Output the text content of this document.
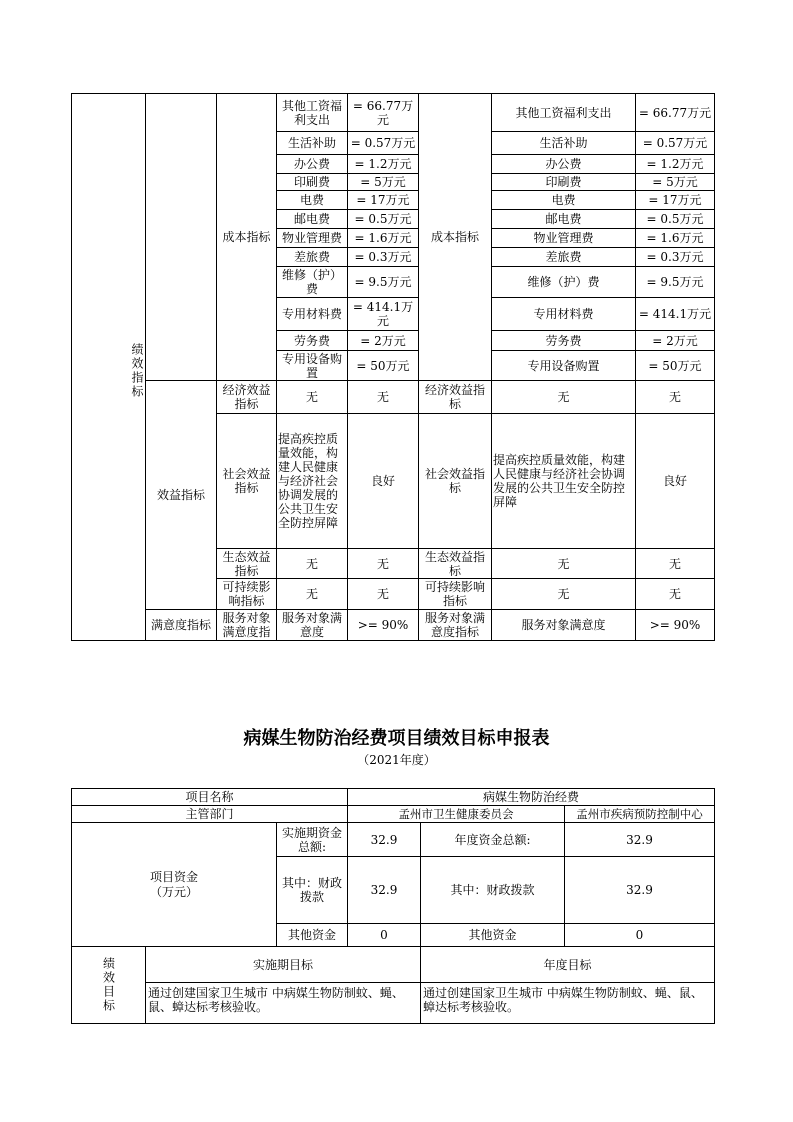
绩效指标		成本指标	其他工资福利支出	= 66.77万元	成本指标	其他工资福利支出	= 66.77万元
			生活补助	= 0.57万元		生活补助	= 0.57万元
			办公费	= 1.2万元		办公费	= 1.2万元
			印刷费	= 5万元		印刷费	= 5万元
			电费	= 17万元		电费	= 17万元
			邮电费	= 0.5万元		邮电费	= 0.5万元
			物业管理费	= 1.6万元		物业管理费	= 1.6万元
			差旅费	= 0.3万元		差旅费	= 0.3万元
			维修（护）费	= 9.5万元		维修（护）费	= 9.5万元
			专用材料费	= 414.1万元		专用材料费	= 414.1万元
			劳务费	= 2万元		劳务费	= 2万元
			专用设备购置	= 50万元		专用设备购置	= 50万元
	效益指标	经济效益指标	无	无	经济效益指标	无	无
		社会效益指标	提高疾控质量效能，构建人民健康与经济社会协调发展的公共卫生安全防控屏障	良好	社会效益指标	提高疾控质量效能，构建人民健康与经济社会协调发展的公共卫生安全防控屏障	良好
		生态效益指标	无	无	生态效益指标	无	无
		可持续影响指标	无	无	可持续影响指标	无	无
	满意度指标	服务对象满意度指	服务对象满意度	>= 90%	服务对象满意度指标	服务对象满意度	>= 90%
病媒生物防治经费项目绩效目标申报表
（2021年度）
项目名称			病媒生物防治经费		
主管部门			孟州市卫生健康委员会		孟州市疾病预防控制中心
项目资金（万元）		实施期资金总额:	32.9	年度资金总额:	32.9
		其中：财政拨款	32.9	其中：财政拨款	32.9
		其他资金	0	其他资金	0
绩效目标	实施期目标			年度目标	
	通过创建国家卫生城市 中病媒生物防制蚊、蝇、鼠、蟑达标考核验收。			通过创建国家卫生城市 中病媒生物防制蚊、蝇、鼠、蟑达标考核验收。	
